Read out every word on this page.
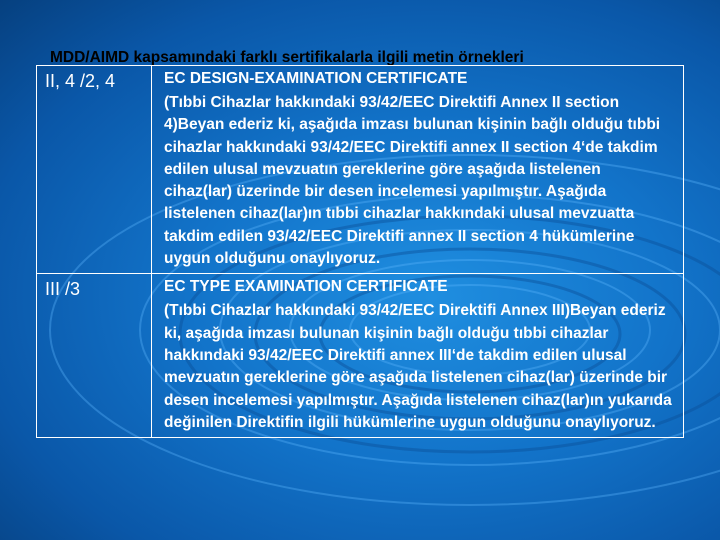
MDD/AIMD kapsamındaki farklı sertifikalarla ilgili metin örnekleri
II, 4 /2, 4	EC DESIGN-EXAMINATION CERTIFICATE
(Tıbbi Cihazlar hakkındaki 93/42/EEC Direktifi Annex II section 4)Beyan ederiz ki, aşağıda imzası bulunan kişinin bağlı olduğu tıbbi cihazlar hakkındaki 93/42/EEC Direktifi annex II section 4‘de takdim edilen ulusal mevzuatın gereklerine göre aşağıda listelenen cihaz(lar) üzerinde bir desen incelemesi yapılmıştır. Aşağıda listelenen cihaz(lar)ın tıbbi cihazlar hakkındaki ulusal mevzuatta takdim edilen 93/42/EEC Direktifi annex II section 4 hükümlerine uygun olduğunu onaylıyoruz.

III /3	EC TYPE EXAMINATION CERTIFICATE
(Tıbbi Cihazlar hakkındaki 93/42/EEC Direktifi Annex III)Beyan ederiz ki, aşağıda imzası bulunan kişinin bağlı olduğu tıbbi cihazlar hakkındaki 93/42/EEC Direktifi annex III‘de takdim edilen ulusal mevzuatın gereklerine göre aşağıda listelenen cihaz(lar) üzerinde bir desen incelemesi yapılmıştır. Aşağıda listelenen cihaz(lar)ın yukarıda değinilen Direktifin ilgili hükümlerine uygun olduğunu onaylıyoruz.
